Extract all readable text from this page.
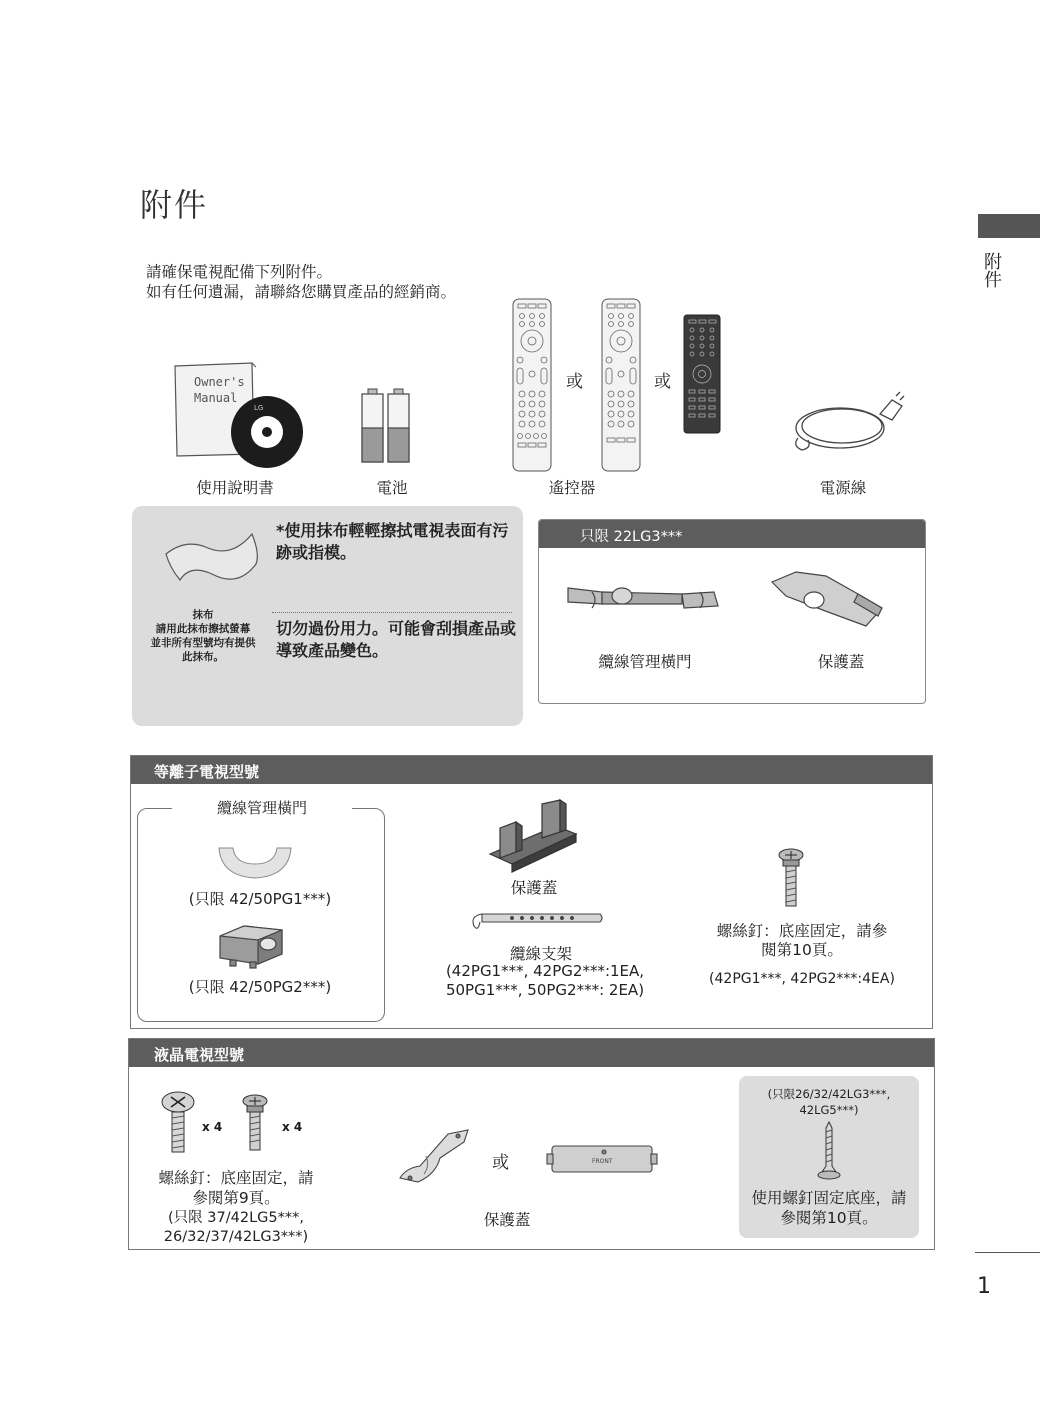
附件
附件
請確保電視配備下列附件。
如有任何遺漏，請聯絡您購買產品的經銷商。
Owner's
Manual
LG
或	或
使用說明書	電池	遙控器	電源線
*使用抹布輕輕擦拭電視表面有污跡或指模。
切勿過份用力。可能會刮損產品或導致產品變色。
抹布
請用此抹布擦拭螢幕
並非所有型號均有提供
此抹布。
只限 22LG3***
纜線管理橫門	保護蓋
等離子電視型號
纜線管理橫門
(只限 42/50PG1***)
(只限 42/50PG2***)
保護蓋
纜線支架
(42PG1***, 42PG2***:1EA,
50PG1***, 50PG2***: 2EA)
螺絲釘：底座固定，請參
閱第10頁。
(42PG1***, 42PG2***:4EA)
液晶電視型號
x 4	x 4
螺絲釘：底座固定，請
參閱第9頁。
(只限 37/42LG5***,
26/32/37/42LG3***)
或	FRONT
保護蓋
(只限26/32/42LG3***,
42LG5***)
使用螺釘固定底座，請
參閱第10頁。
1
